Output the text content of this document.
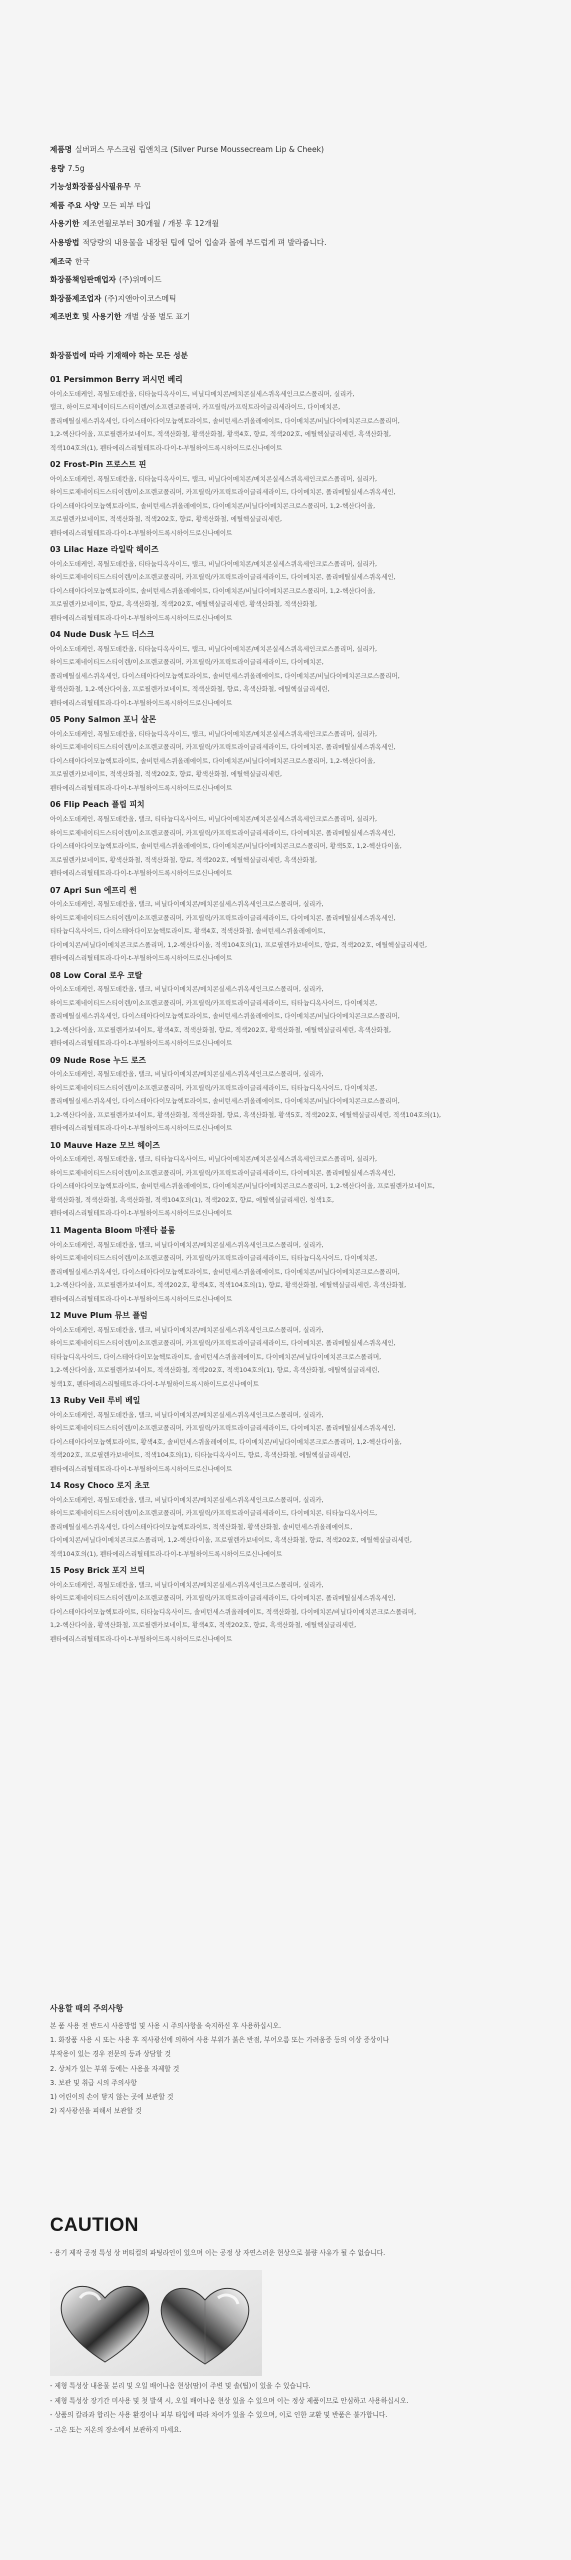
제품명 실버퍼스 무스크림 립앤치크 (Silver Purse Moussecream Lip & Cheek)
용량 7.5g
기능성화장품심사필유무 무
제품 주요 사양 모든 피부 타입
사용기한 제조연월로부터 30개월 / 개봉 후 12개월
사용방법 적당량의 내용물을 내장된 팁에 덜어 입술과 볼에 부드럽게 펴 발라줍니다.
제조국 한국
화장품책임판매업자 (주)위메이드
화장품제조업자 (주)지앤아이코스메틱
제조번호 및 사용기한 개별 상품 별도 표기
화장품법에 따라 기재해야 하는 모든 성분
01 Persimmon Berry 퍼시먼 베리
아이소도데케인, 폭틸도데칸올, 티타늄디옥사이드, 비닐디메치콘/메치콘실세스퀴옥세인크로스폴리머, 실리카,
탤크, 하이드로제네이티드스티이렌/이소프렌코폴리머, 카프릴릭/카프릭트라이글리세라이드, 다이메치콘,
폴리메틸실세스퀴옥세인, 다이스테아다이모늄헥토라이트, 솔비턴세스퀴올레에이트, 다이메치콘/비닐다이메치콘크로스폴리머,
1,2-헥산다이올, 프로필렌카보네이트, 적색산화철, 황색산화철, 황색4호, 향료, 적색202호, 에틸헥실글리세린, 흑색산화철,
적색104호의(1), 펜타에리스리틸테트라-다이-t-부틸하이드록시하이드로신나메이트
02 Frost-Pin 프로스트 핀
아이소도데케인, 폭틸도데칸올, 티타늄디옥사이드, 탤크, 비닐다이메치콘/메치콘실세스퀴옥세인크로스폴리머, 실리카,
하이드로제네이티드스티이렌/이소프렌코폴리머, 카프릴릭/카프릭트라이글리세라이드, 다이메치콘, 폴리메틸실세스퀴옥세인,
다이스테아다이모늄헥토라이트, 솔비턴세스퀴올레에이트, 다이메치콘/비닐다이메치콘크로스폴리머, 1,2-헥산다이올,
프로필렌카보네이트, 적색산화철, 적색202호, 향료, 황색산화철, 에틸헥실글리세린,
펜타에리스리틸테트라-다이-t-부틸하이드록시하이드로신나메이트
03 Lilac Haze 라일락 헤이즈
아이소도데케인, 폭틸도데칸올, 티타늄디옥사이드, 탤크, 비닐다이메치콘/메치콘실세스퀴옥세인크로스폴리머, 실리카,
하이드로제네이티드스티이렌/이소프렌코폴리머, 카프릴릭/카프릭트라이글리세라이드, 다이메치콘, 폴리메틸실세스퀴옥세인,
다이스테아다이모늄헥토라이트, 솔비턴세스퀴올레에이트, 다이메치콘/비닐다이메치콘크로스폴리머, 1,2-헥산다이올,
프로필렌카보네이트, 향료, 흑색산화철, 적색202호, 에틸헥실글리세린, 황색산화철, 적색산화철,
펜타에리스리틸테트라-다이-t-부틸하이드록시하이드로신나메이트
04 Nude Dusk 누드 더스크
아이소도데케인, 폭틸도데칸올, 티타늄디옥사이드, 탤크, 비닐다이메치콘/메치콘실세스퀴옥세인크로스폴리머, 실리카,
하이드로제네이티드스티이렌/이소프렌코폴리머, 카프릴릭/카프릭트라이글리세라이드, 다이메치콘,
폴리메틸실세스퀴옥세인, 다이스테아다이모늄헥토라이트, 솔비턴세스퀴올레에이트, 다이메치콘/비닐다이메치콘크로스폴리머,
황색산화철, 1,2-헥산다이올, 프로필렌카보네이트, 적색산화철, 향료, 흑색산화철, 에틸헥실글리세린,
펜타에리스리틸테트라-다이-t-부틸하이드록시하이드로신나메이트
05 Pony Salmon 포니 살몬
아이소도데케인, 폭틸도데칸올, 티타늄디옥사이드, 탤크, 비닐다이메치콘/메치콘실세스퀴옥세인크로스폴리머, 실리카,
하이드로제네이티드스티이렌/이소프렌코폴리머, 카프릴릭/카프릭트라이글리세라이드, 다이메치콘, 폴리메틸실세스퀴옥세인,
다이스테아다이모늄헥토라이트, 솔비턴세스퀴올레에이트, 다이메치콘/비닐다이메치콘크로스폴리머, 1,2-헥산다이올,
프로필렌카보네이트, 적색산화철, 적색202호, 향료, 황색산화철, 에틸헥실글리세린,
펜타에리스리틸테트라-다이-t-부틸하이드록시하이드로신나메이트
06 Flip Peach 플립 피치
아이소도데케인, 폭틸도데칸올, 탤크, 티타늄디옥사이드, 비닐다이메치콘/메치콘실세스퀴옥세인크로스폴리머, 실리카,
하이드로제네이티드스티이렌/이소프렌코폴리머, 카프릴릭/카프릭트라이글리세라이드, 다이메치콘, 폴리메틸실세스퀴옥세인,
다이스테아다이모늄헥토라이트, 솔비턴세스퀴올레에이트, 다이메치콘/비닐다이메치콘크로스폴리머, 황색5호, 1,2-헥산다이올,
프로필렌카보네이트, 황색산화철, 적색산화철, 향료, 적색202호, 에틸헥실글리세린, 흑색산화철,
펜타에리스리틸테트라-다이-t-부틸하이드록시하이드로신나메이트
07 Apri Sun 에프리 썬
아이소도데케인, 폭틸도데칸올, 탤크, 비닐다이메치콘/메치콘실세스퀴옥세인크로스폴리머, 실리카,
하이드로제네이티드스티이렌/이소프렌코폴리머, 카프릴릭/카프릭트라이글리세라이드, 다이메치콘, 폴리메틸실세스퀴옥세인,
티타늄디옥사이드, 다이스테아다이모늄헥토라이트, 황색4호, 적색산화철, 솔비턴세스퀴올레에이트,
다이메치콘/비닐다이메치콘크로스폴리머, 1,2-헥산다이올, 적색104호의(1), 프로필렌카보네이트, 향료, 적색202호, 에틸헥실글리세린,
펜타에리스리틸테트라-다이-t-부틸하이드록시하이드로신나메이트
08 Low Coral 로우 코랄
아이소도데케인, 폭틸도데칸올, 탤크, 비닐다이메치콘/메치콘실세스퀴옥세인크로스폴리머, 실리카,
하이드로제네이티드스티이렌/이소프렌코폴리머, 카프릴릭/카프릭트라이글리세라이드, 티타늄디옥사이드, 다이메치콘,
폴리메틸실세스퀴옥세인, 다이스테아다이모늄헥토라이트, 솔비턴세스퀴올레에이트, 다이메치콘/비닐다이메치콘크로스폴리머,
1,2-헥산다이올, 프로필렌카보네이트, 황색4호, 적색산화철, 향료, 적색202호, 황색산화철, 에틸헥실글리세린, 흑색산화철,
펜타에리스리틸테트라-다이-t-부틸하이드록시하이드로신나메이트
09 Nude Rose 누드 로즈
아이소도데케인, 폭틸도데칸올, 탤크, 비닐다이메치콘/메치콘실세스퀴옥세인크로스폴리머, 실리카,
하이드로제네이티드스티이렌/이소프렌코폴리머, 카프릴릭/카프릭트라이글리세라이드, 티타늄디옥사이드, 다이메치콘,
폴리메틸실세스퀴옥세인, 다이스테아다이모늄헥토라이트, 솔비턴세스퀴올레에이트, 다이메치콘/비닐다이메치콘크로스폴리머,
1,2-헥산다이올, 프로필렌카보네이트, 황색산화철, 적색산화철, 향료, 흑색산화철, 황색5호, 적색202호, 에틸헥실글리세린, 적색104호의(1),
펜타에리스리틸테트라-다이-t-부틸하이드록시하이드로신나메이트
10 Mauve Haze 모브 헤이즈
아이소도데케인, 폭틸도데칸올, 탤크, 티타늄디옥사이드, 비닐다이메치콘/메치콘실세스퀴옥세인크로스폴리머, 실리카,
하이드로제네이티드스티이렌/이소프렌코폴리머, 카프릴릭/카프릭트라이글리세라이드, 다이메치콘, 폴리메틸실세스퀴옥세인,
다이스테아다이모늄헥토라이트, 솔비턴세스퀴올레에이트, 다이메치콘/비닐다이메치콘크로스폴리머, 1,2-헥산다이올, 프로필렌카보네이트,
황색산화철, 적색산화철, 흑색산화철, 적색104호의(1), 적색202호, 향료, 에틸헥실글리세린, 청색1호,
펜타에리스리틸테트라-다이-t-부틸하이드록시하이드로신나메이트
11 Magenta Bloom 마젠타 블룸
아이소도데케인, 폭틸도데칸올, 탤크, 비닐다이메치콘/메치콘실세스퀴옥세인크로스폴리머, 실리카,
하이드로제네이티드스티이렌/이소프렌코폴리머, 카프릴릭/카프릭트라이글리세라이드, 티타늄디옥사이드, 다이메치콘,
폴리메틸실세스퀴옥세인, 다이스테아다이모늄헥토라이트, 솔비턴세스퀴올레에이트, 다이메치콘/비닐다이메치콘크로스폴리머,
1,2-헥산다이올, 프로필렌카보네이트, 적색202호, 황색4호, 적색104호의(1), 향료, 황색산화철, 에틸헥실글리세린, 흑색산화철,
펜타에리스리틸테트라-다이-t-부틸하이드록시하이드로신나메이트
12 Muve Plum 뮤브 플럼
아이소도데케인, 폭틸도데칸올, 탤크, 비닐다이메치콘/메치콘실세스퀴옥세인크로스폴리머, 실리카,
하이드로제네이티드스티이렌/이소프렌코폴리머, 카프릴릭/카프릭트라이글리세라이드, 다이메치콘, 폴리메틸실세스퀴옥세인,
티타늄디옥사이드, 다이스테아다이모늄헥토라이트, 솔비턴세스퀴올레에이트, 다이메치콘/비닐다이메치콘크로스폴리머,
1,2-헥산다이올, 프로필렌카보네이트, 적색산화철, 적색202호, 적색104호의(1), 향료, 흑색산화철, 에틸헥실글리세린,
청색1호, 펜타에리스리틸테트라-다이-t-부틸하이드록시하이드로신나메이트
13 Ruby Veil 루비 베일
아이소도데케인, 폭틸도데칸올, 탤크, 비닐다이메치콘/메치콘실세스퀴옥세인크로스폴리머, 실리카,
하이드로제네이티드스티이렌/이소프렌코폴리머, 카프릴릭/카프릭트라이글리세라이드, 다이메치콘, 폴리메틸실세스퀴옥세인,
다이스테아다이모늄헥토라이트, 황색4호, 솔비턴세스퀴올레에이트, 다이메치콘/비닐다이메치콘크로스폴리머, 1,2-헥산다이올,
적색202호, 프로필렌카보네이트, 적색104호의(1), 티타늄디옥사이드, 향료, 흑색산화철, 에틸헥실글리세린,
펜타에리스리틸테트라-다이-t-부틸하이드록시하이드로신나메이트
14 Rosy Choco 로지 초코
아이소도데케인, 폭틸도데칸올, 탤크, 비닐다이메치콘/메치콘실세스퀴옥세인크로스폴리머, 실리카,
하이드로제네이티드스티이렌/이소프렌코폴리머, 카프릴릭/카프릭트라이글리세라이드, 다이메치콘, 티타늄디옥사이드,
폴리메틸실세스퀴옥세인, 다이스테아다이모늄헥토라이트, 적색산화철, 황색산화철, 솔비턴세스퀴올레에이트,
다이메치콘/비닐다이메치콘크로스폴리머, 1,2-헥산다이올, 프로필렌카보네이트, 흑색산화철, 향료, 적색202호, 에틸헥실글리세린,
적색104호의(1), 펜타에리스리틸테트라-다이-t-부틸하이드록시하이드로신나메이트
15 Posy Brick 포지 브릭
아이소도데케인, 폭틸도데칸올, 탤크, 비닐다이메치콘/메치콘실세스퀴옥세인크로스폴리머, 실리카,
하이드로제네이티드스티이렌/이소프렌코폴리머, 카프릴릭/카프릭트라이글리세라이드, 다이메치콘, 폴리메틸실세스퀴옥세인,
다이스테아다이모늄헥토라이트, 티타늄디옥사이드, 솔비턴세스퀴올레에이트, 적색산화철, 다이메치콘/비닐다이메치콘크로스폴리머,
1,2-헥산다이올, 황색산화철, 프로필렌카보네이트, 황색4호, 적색202호, 향료, 흑색산화철, 에틸헥실글리세린,
펜타에리스리틸테트라-다이-t-부틸하이드록시하이드로신나메이트
사용할 때의 주의사항
본 품 사용 전 반드시 사용방법 및 사용 시 주의사항을 숙지하신 후 사용하십시오.
1. 화장품 사용 시 또는 사용 후 직사광선에 의하여 사용 부위가 붉은 반점, 부어오름 또는 가려움증 등의 이상 증상이나
부작용이 있는 경우 전문의 등과 상담할 것
2. 상처가 있는 부위 등에는 사용을 자제할 것
3. 보관 및 취급 시의 주의사항
1) 어린이의 손이 닿지 않는 곳에 보관할 것
2) 직사광선을 피해서 보관할 것
CAUTION
- 용기 제작 공정 특성 상 버티컬의 파팅라인이 있으며 이는 공정 상 자연스러운 현상으로 불량 사유가 될 수 없습니다.
- 제형 특성상 내용물 분리 및 오일 배어나옴 현상(땀)이 주변 및 솔(팁)이 있을 수 있습니다.
- 제형 특성상 장기간 미사용 및 첫 발색 시, 오일 배어나옴 현상 있을 수 있으며 이는 정상 제품이므로 안심하고 사용하십시오.
- 상품의 칼라과 합리는 사용 환경이나 피부 타입에 따라 차이가 있을 수 있으며, 이로 인한 교환 및 반품은 불가합니다.
- 고온 또는 저온의 장소에서 보관하지 마세요.
